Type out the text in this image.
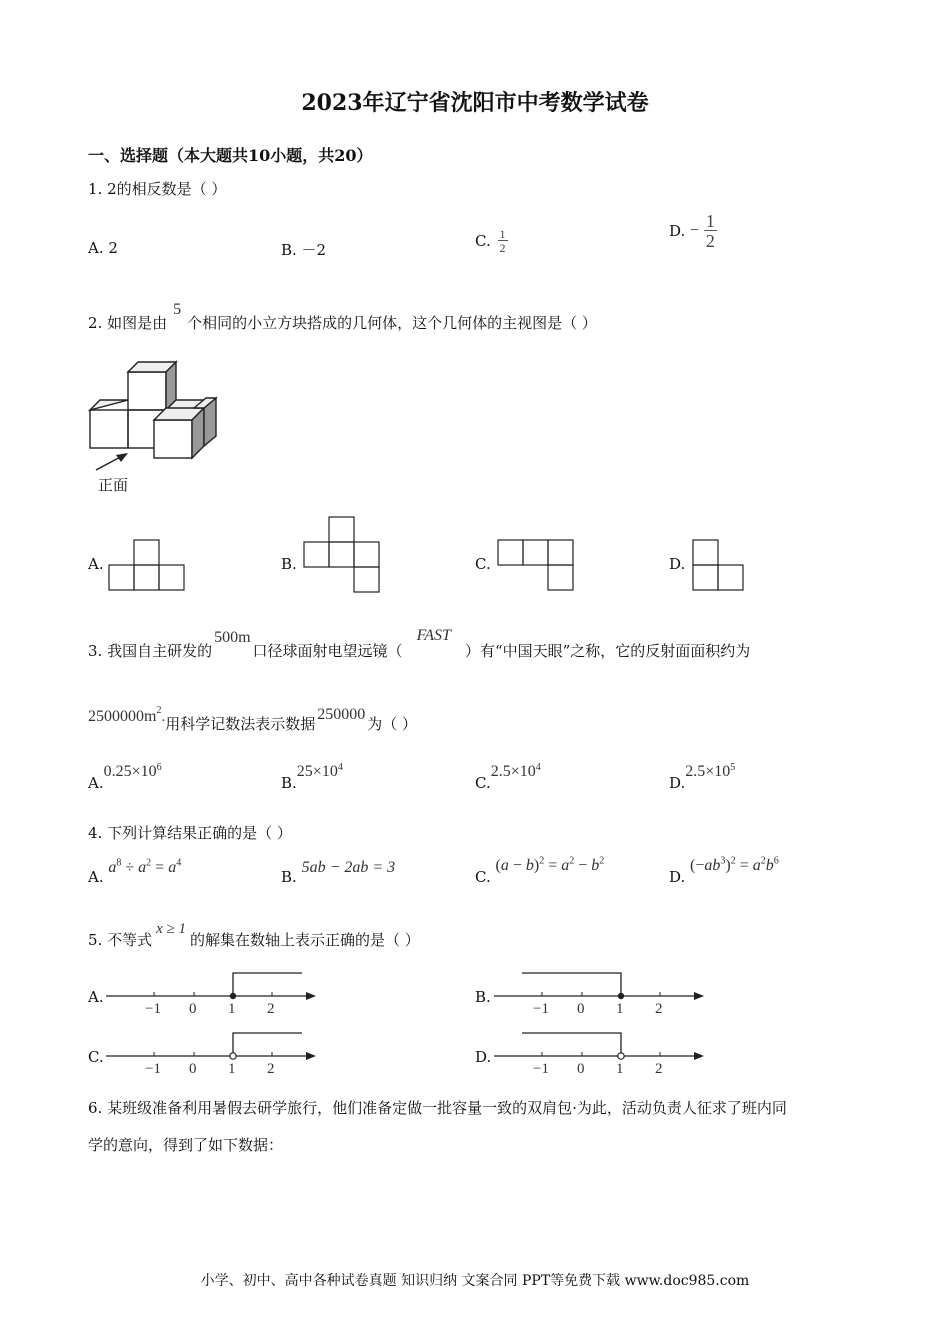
2023年辽宁省沈阳市中考数学试卷
一、选择题（本大题共10小题，共20）
1. 2的相反数是（ ）
A. 2	B. －2	C. $\frac{1}{2}$	D. − $\frac{1}{2}$
2. 如图是由5个相同的小立方块搭成的几何体，这个几何体的主视图是（ ）
正面
A.	B.	C.	D.
3. 我国自主研发的500m口径球面射电望远镜（FAST）有“中国天眼”之称，它的反射面面积约为
$2500000m^2$.用科学记数法表示数据250000为（ ）
$A.0.25\times 10^6$
$B.25\times 10^4$
$C.2.5\times 10^4$
$D.2.5\times 10^5$
4. 下列计算结果正确的是（ ）
A. $a^8 \div a^2 = a^4$
B. 5ab − 2ab = 3
C. $(a - b)^2 = a^2 - b^2$
D. $(-ab^3)^2 = a^2b^6$
5. 不等式x ≥ 1的解集在数轴上表示正确的是（ ）
A.	B.
C.	D.
−1 0 1 2	−1 0 1 2
−1 0 1 2	−1 0 1 2
6. 某班级准备利用暑假去研学旅行，他们准备定做一批容量一致的双肩包·为此，活动负责人征求了班内同
学的意向，得到了如下数据：
小学、初中、高中各种试卷真题 知识归纳 文案合同 PPT等免费下载 www.doc985.com
